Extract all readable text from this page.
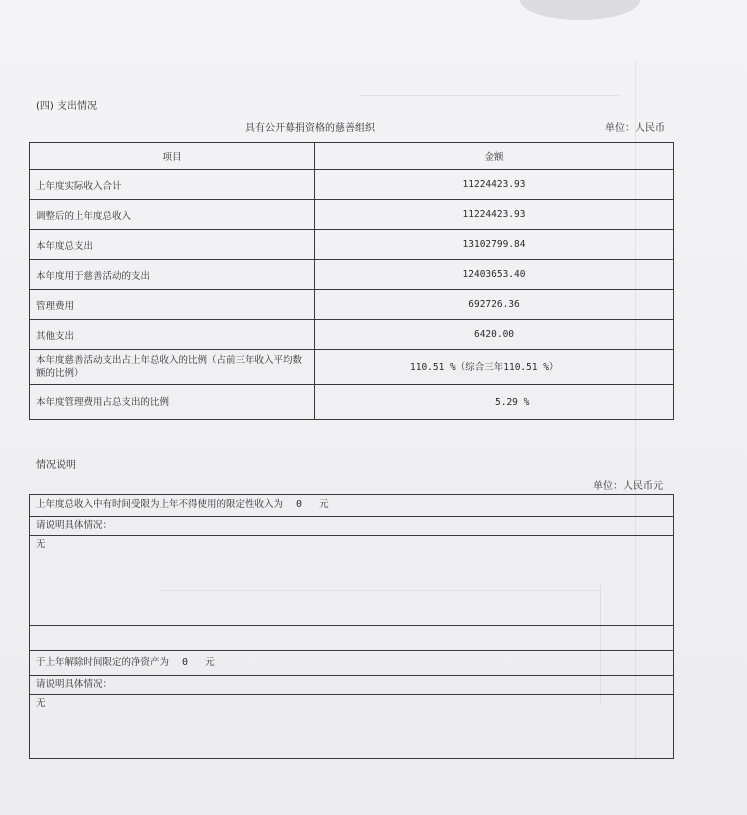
(四) 支出情况
具有公开募捐资格的慈善组织	单位：人民币
项目	金额
上年度实际收入合计	11224423.93
调整后的上年度总收入	11224423.93
本年度总支出	13102799.84
本年度用于慈善活动的支出	12403653.40
管理费用	692726.36
其他支出	6420.00
本年度慈善活动支出占上年总收入的比例（占前三年收入平均数额的比例）	110.51 %（综合三年110.51 %）
本年度管理费用占总支出的比例	5.29 %
情况说明
单位：人民币元
上年度总收入中有时间受限为上年不得使用的限定性收入为 0 元
请说明具体情况：
无
于上年解除时间限定的净资产为 0 元
请说明具体情况：
无
